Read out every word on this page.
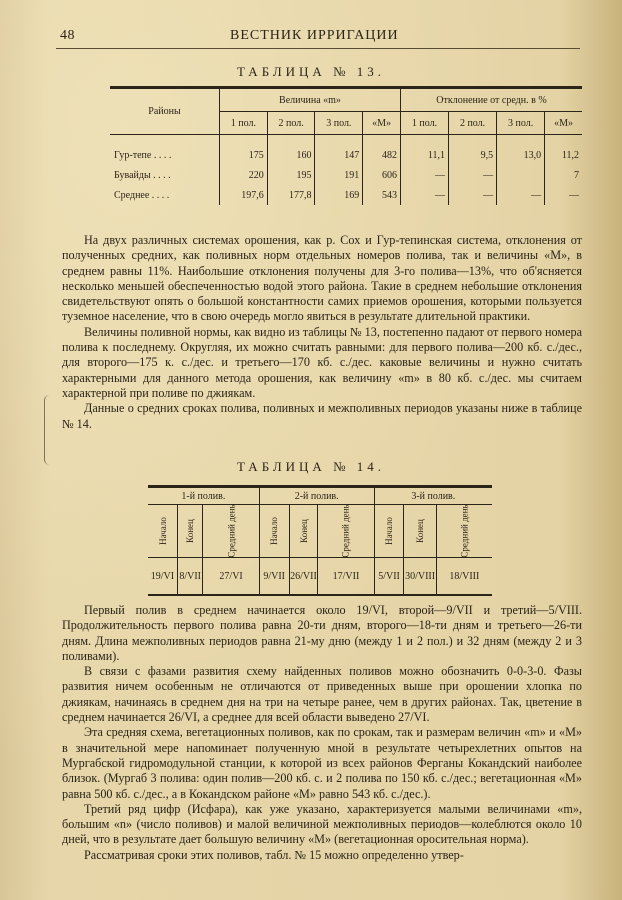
48	ВЕСТНИК ИРРИГАЦИИ
ТАБЛИЦА № 13.
Районы	Величина «m»				Отклонение от средн. в %			
	1 пол.	2 пол.	3 пол.	«М»	1 пол.	2 пол.	3 пол.	«М»

Гур-тепе . . . .	175	160	147	482	11,1	9,5	13,0	11,2
Бувайды . . . .	220	195	191	606	—	—		7
Среднее . . . .	197,6	177,8	169	543	—	—	—	—

На двух различных системах орошения, как р. Сох и Гур-тепинская система, отклонения от полученных средних, как поливных норм отдельных номеров полива, так и величины «М», в среднем равны 11%. Наибольшие отклонения получены для 3-го полива—13%, что об'ясняется несколько меньшей обеспеченностью водой этого района. Такие в среднем небольшие отклонения свидетельствуют опять о большой константности самих приемов орошения, которыми пользуется туземное население, что в свою очередь могло явиться в результате длительной практики.

Величины поливной нормы, как видно из таблицы № 13, постепенно падают от первого номера полива к последнему. Округляя, их можно считать равными: для первого полива—200 кб. с./дес., для второго—175 к. с./дес. и третьего—170 кб. с./дес. каковые величины и нужно считать характерными для данного метода орошения, как величину «m» в 80 кб. с./дес. мы считаем характерной при поливе по джиякам.

Данные о средних сроках полива, поливных и межполивных периодов указаны ниже в таблице № 14.

ТАБЛИЦА № 14.
1-й полив.			2-й полив.			3-й полив.		
Начало	Конец	Средний день	Начало	Конец	Средний день	Начало	Конец	Средний день
19/VI	8/VII	27/VI	9/VII	26/VII	17/VII	5/VII	30/VIII	18/VIII

Первый полив в среднем начинается около 19/VI, второй—9/VII и третий—5/VIII. Продолжительность первого полива равна 20-ти дням, второго—18-ти дням и третьего—26-ти дням. Длина межполивных периодов равна 21-му дню (между 1 и 2 пол.) и 32 дням (между 2 и 3 поливами).

В связи с фазами развития схему найденных поливов можно обозначить 0-0-3-0. Фазы развития ничем особенным не отличаются от приведенных выше при орошении хлопка по джиякам, начинаясь в среднем дня на три на четыре ранее, чем в других районах. Так, цветение в среднем начинается 26/VI, а среднее для всей области выведено 27/VI.

Эта средняя схема, вегетационных поливов, как по срокам, так и размерам величин «m» и «М» в значительной мере напоминает полученную мной в результате четырехлетних опытов на Мургабской гидромодульной станции, к которой из всех районов Ферганы Кокандский наиболее близок. (Мургаб 3 полива: один полив—200 кб. с. и 2 полива по 150 кб. с./дес.; вегетационная «М» равна 500 кб. с./дес., а в Кокандском районе «М» равно 543 кб. с./дес.).

Третий ряд цифр (Исфара), как уже указано, характеризуется малыми величинами «m», большим «n» (число поливов) и малой величиной межполивных периодов—колеблются около 10 дней, что в результате дает большую величину «М» (вегетационная оросительная норма).

Рассматривая сроки этих поливов, табл. № 15 можно определенно утвер-
